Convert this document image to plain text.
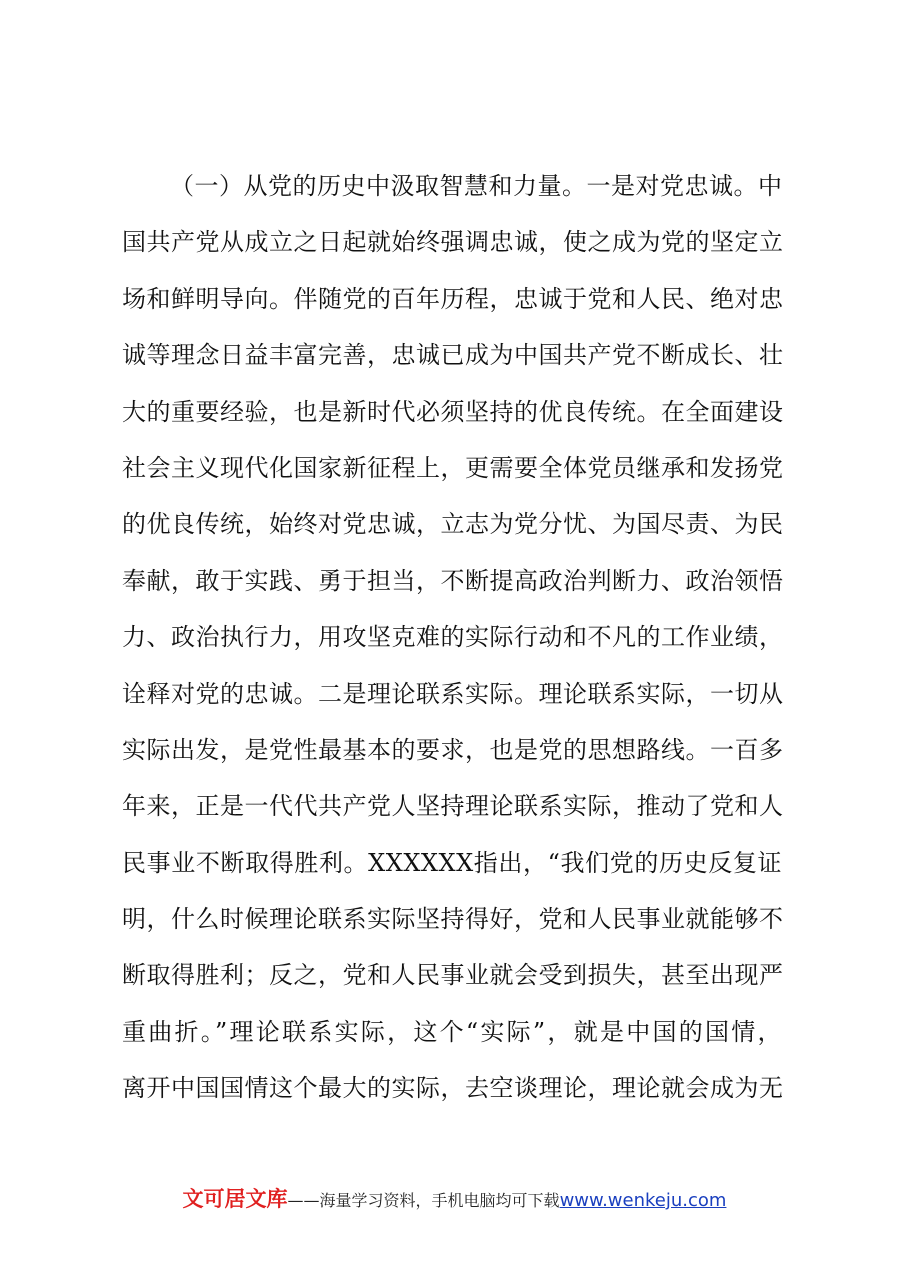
（一）从党的历史中汲取智慧和力量。一是对党忠诚。中
国共产党从成立之日起就始终强调忠诚，使之成为党的坚定立
场和鲜明导向。伴随党的百年历程，忠诚于党和人民、绝对忠
诚等理念日益丰富完善，忠诚已成为中国共产党不断成长、壮
大的重要经验，也是新时代必须坚持的优良传统。在全面建设
社会主义现代化国家新征程上，更需要全体党员继承和发扬党
的优良传统，始终对党忠诚，立志为党分忧、为国尽责、为民
奉献，敢于实践、勇于担当，不断提高政治判断力、政治领悟
力、政治执行力，用攻坚克难的实际行动和不凡的工作业绩，
诠释对党的忠诚。二是理论联系实际。理论联系实际，一切从
实际出发，是党性最基本的要求，也是党的思想路线。一百多
年来，正是一代代共产党人坚持理论联系实际，推动了党和人
民事业不断取得胜利。XXXXXX指出，“我们党的历史反复证
明，什么时候理论联系实际坚持得好，党和人民事业就能够不
断取得胜利；反之，党和人民事业就会受到损失，甚至出现严
重曲折。”理论联系实际，这个“实际”，就是中国的国情，
离开中国国情这个最大的实际，去空谈理论，理论就会成为无
文可居文库——海量学习资料，手机电脑均可下载www.wenkeju.com
